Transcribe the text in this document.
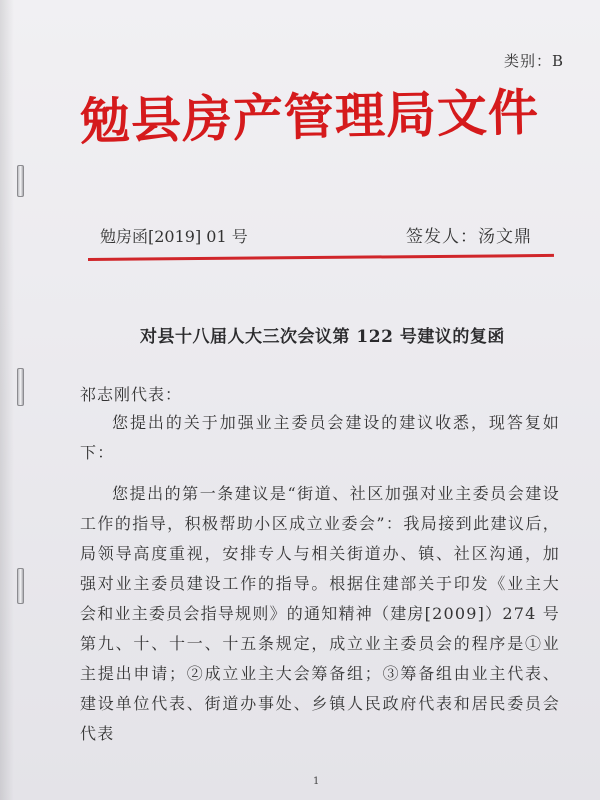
类别：B
勉县房产管理局文件
勉房函[2019] 01 号	签发人：汤文鼎
对县十八届人大三次会议第 122 号建议的复函
祁志刚代表：
您提出的关于加强业主委员会建设的建议收悉，现答复如下：
您提出的第一条建议是“街道、社区加强对业主委员会建设工作的指导，积极帮助小区成立业委会”：我局接到此建议后，局领导高度重视，安排专人与相关街道办、镇、社区沟通，加强对业主委员建设工作的指导。根据住建部关于印发《业主大会和业主委员会指导规则》的通知精神（建房[2009]）274 号第九、十、十一、十五条规定，成立业主委员会的程序是①业主提出申请；②成立业主大会筹备组；③筹备组由业主代表、建设单位代表、街道办事处、乡镇人民政府代表和居民委员会代表
1
